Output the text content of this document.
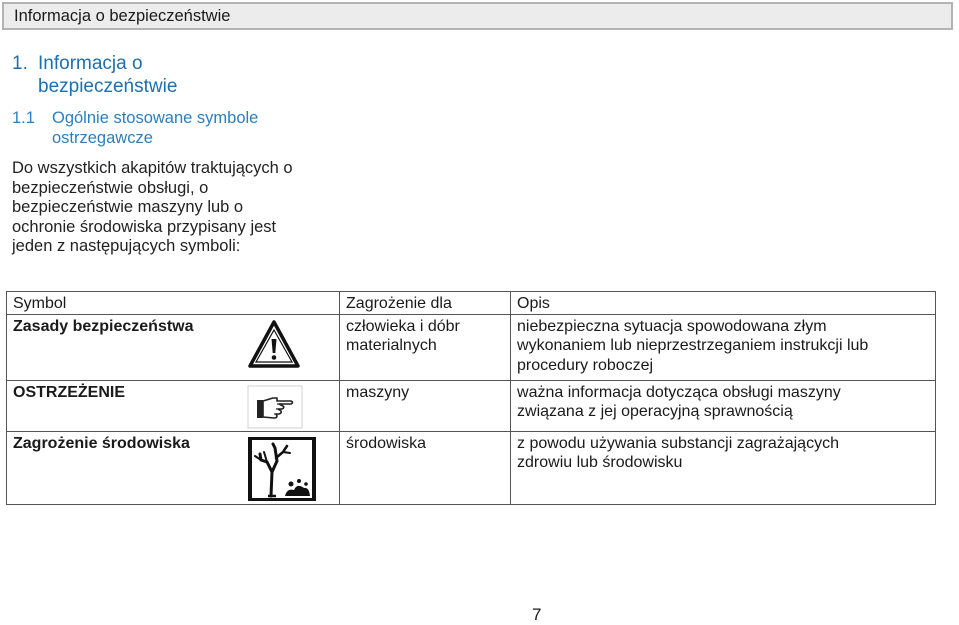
Informacja o bezpieczeństwie
1. Informacja o
bezpieczeństwie
1.1 Ogólnie stosowane symbole
ostrzegawcze
Do wszystkich akapitów traktujących o
bezpieczeństwie obsługi, o
bezpieczeństwie maszyny lub o
ochronie środowiska przypisany jest
jeden z następujących symboli:
Symbol		Zagrożenie dla	Opis
Zasady bezpieczeństwa		człowieka i dóbr
materialnych	niebezpieczna sytuacja spowodowana złym
wykonaniem lub nieprzestrzeganiem instrukcji lub
procedury roboczej
OSTRZEŻENIE		maszyny	ważna informacja dotycząca obsługi maszyny
związana z jej operacyjną sprawnością
Zagrożenie środowiska		środowiska	z powodu używania substancji zagrażających
zdrowiu lub środowisku
7
